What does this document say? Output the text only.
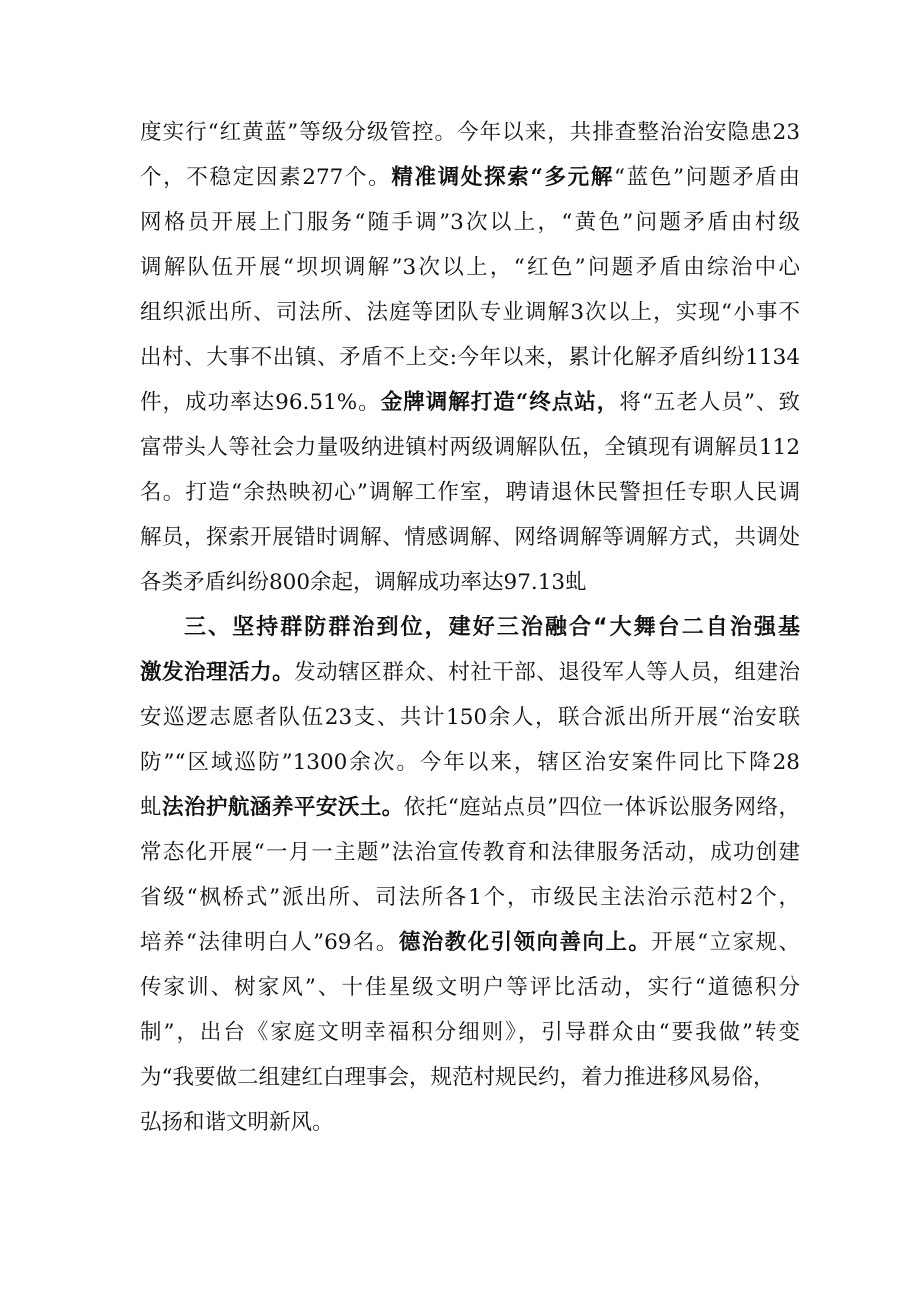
度实行“红黄蓝”等级分级管控。今年以来，共排查整治治安隐患23
个，不稳定因素277个。精准调处探索“多元解“蓝色”问题矛盾由
网格员开展上门服务“随手调”3次以上，“黄色”问题矛盾由村级
调解队伍开展“坝坝调解”3次以上，“红色”问题矛盾由综治中心
组织派出所、司法所、法庭等团队专业调解3次以上，实现“小事不
出村、大事不出镇、矛盾不上交:今年以来，累计化解矛盾纠纷1134
件，成功率达96.51%。金牌调解打造“终点站，将“五老人员”、致
富带头人等社会力量吸纳进镇村两级调解队伍，全镇现有调解员112
名。打造“余热映初心”调解工作室，聘请退休民警担任专职人民调
解员，探索开展错时调解、情感调解、网络调解等调解方式，共调处
各类矛盾纠纷800余起，调解成功率达97.13虬
三、坚持群防群治到位，建好三治融合“大舞台二自治强基
激发治理活力。发动辖区群众、村社干部、退役军人等人员，组建治
安巡逻志愿者队伍23支、共计150余人，联合派出所开展“治安联
防”“区域巡防”1300余次。今年以来，辖区治安案件同比下降28
虬法治护航涵养平安沃土。依托“庭站点员”四位一体诉讼服务网络，
常态化开展“一月一主题”法治宣传教育和法律服务活动，成功创建
省级“枫桥式”派出所、司法所各1个，市级民主法治示范村2个，
培养“法律明白人”69名。德治教化引领向善向上。开展“立家规、
传家训、树家风”、十佳星级文明户等评比活动，实行“道德积分
制”，出台《家庭文明幸福积分细则》，引导群众由“要我做”转变
为“我要做二组建红白理事会，规范村规民约，着力推进移风易俗，
弘扬和谐文明新风。
